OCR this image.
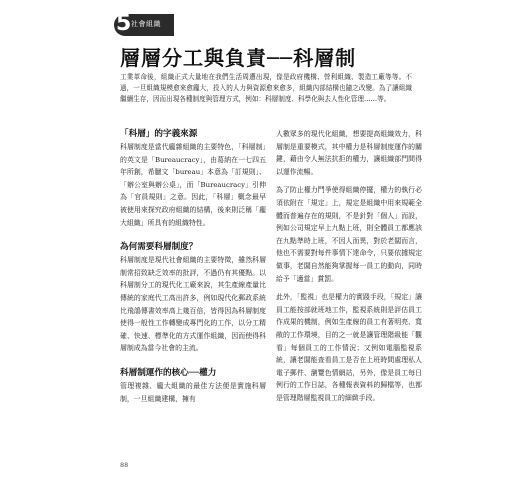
5 社會組織
層層分工與負責──科層制

工業革命後，組織正式大量地在我們生活周遭出現，像是政府機構、營利組織、製造工廠等等。不過，一旦組織規模愈來愈龐大，投入的人力與資源愈來愈多，組織內部結構也隨之改變。為了讓組織繼續生存，因而出現各種制度與管理方式，例如：科層制度、科學化與去人性化管理……等。

「科層」的字義來源

科層制度是當代龐雜組織的主要特色，「科層制」的英文是「Bureaucracy」，由葛納在一七四五年所創，希臘文「bureau」本意為「訂規則」、「辦公室與辦公桌」，而「Bureaucracy」引伸為「官員規則」之意。因此，「科層」概念最早被使用來探究政府組織的結構，後來則泛稱「龐大組織」所具有的組織特性。

為何需要科層制度？

科層制度是現代社會組織的主要特徵，雖然科層制常招致缺乏效率的批評，不過仍有其優點。以科層制分工的現代化工廠來說，其生產線產量比傳統的家庭代工高出許多，例如現代化郵政系統比飛鴿傳書效率高上幾百倍，皆得因為科層制度使得一般性工作轉變成專門化的工作，以分工精確、快速、標準化的方式運作組織，因而使得科層制成為當今社會的主流。

科層制運作的核心──權力

管理複雜、龐大組織的最佳方法便是實施科層制，一旦組織建構，擁有

人數眾多的現代化組織，想要提高組織效力，科層制是重要模式，其中權力是科層制度運作的關鍵，藉由令人無法抗拒的權力，讓組織部門間得以運作流暢。

為了防止權力鬥爭使得組織停擺，權力的執行必須依附在「規定」上，規定是組織中用來規範全體而普遍存在的規則，不是針對「個人」而設，例如公司規定早上九點上班，則全體員工都應該在九點準時上班，不因人而異，對於老闆而言，他也不需要對每件事情下達命令，只要依據規定做事，老闆自然能夠掌握每一員工的動向，同時給予「適當」賞罰。

此外，「監視」也是權力的實踐手段，「規定」讓員工能按部就班地工作，監視系統則是評估員工作成果的機制，例如生產線的員工有著明亮、寬敞的工作環境，目的之一就是讓管理階級能「觀看」每個員工的工作情況；又例如電腦監視系統，讓老闆能查看員工是否在上班時間處理私人電子郵件、瀏覽色情網站，另外，像是員工每日例行的工作日誌，各種報表資料的歸檔等，也都是管理階層監視員工的細緻手段。

88
